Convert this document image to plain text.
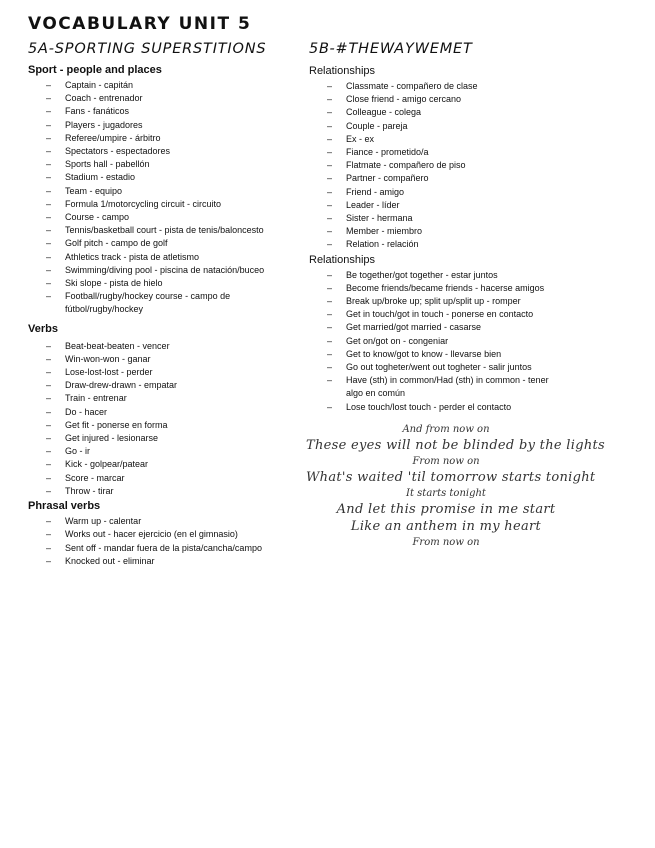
VOCABULARY UNIT 5
5A-SPORTING SUPERSTITIONS	5B-#THEWAYWEMET
Sport - people and places
– Captain - capitán
– Coach - entrenador
– Fans - fanáticos
– Players - jugadores
– Referee/umpire - árbitro
– Spectators - espectadores
– Sports hall - pabellón
– Stadium - estadio
– Team - equipo
– Formula 1/motorcycling circuit - circuito
– Course - campo
– Tennis/basketball court - pista de tenis/baloncesto
– Golf pitch - campo de golf
– Athletics track - pista de atletismo
– Swimming/diving pool - piscina de natación/buceo
– Ski slope - pista de hielo
– Football/rugby/hockey course - campo de
fútbol/rugby/hockey
Verbs
– Beat-beat-beaten - vencer
– Win-won-won - ganar
– Lose-lost-lost - perder
– Draw-drew-drawn - empatar
– Train - entrenar
– Do - hacer
– Get fit - ponerse en forma
– Get injured - lesionarse
– Go - ir
– Kick - golpear/patear
– Score - marcar
– Throw - tirar
Phrasal verbs
– Warm up - calentar
– Works out - hacer ejercicio (en el gimnasio)
– Sent off - mandar fuera de la pista/cancha/campo
– Knocked out - eliminar
Relationships
– Classmate - compañero de clase
– Close friend - amigo cercano
– Colleague - colega
– Couple - pareja
– Ex - ex
– Fiance - prometido/a
– Flatmate - compañero de piso
– Partner - compañero
– Friend - amigo
– Leader - líder
– Sister - hermana
– Member - miembro
– Relation - relación
Relationships
– Be together/got together - estar juntos
– Become friends/became friends - hacerse amigos
– Break up/broke up; split up/split up - romper
– Get in touch/got in touch - ponerse en contacto
– Get married/got married - casarse
– Get on/got on - congeniar
– Get to know/got to know - llevarse bien
– Go out togheter/went out togheter - salir juntos
– Have (sth) in common/Had (sth) in common - tener
algo en común
– Lose touch/lost touch - perder el contacto
And from now on
These eyes will not be blinded by the lights
From now on
What's waited 'til tomorrow starts tonight
It starts tonight
And let this promise in me start
Like an anthem in my heart
From now on
